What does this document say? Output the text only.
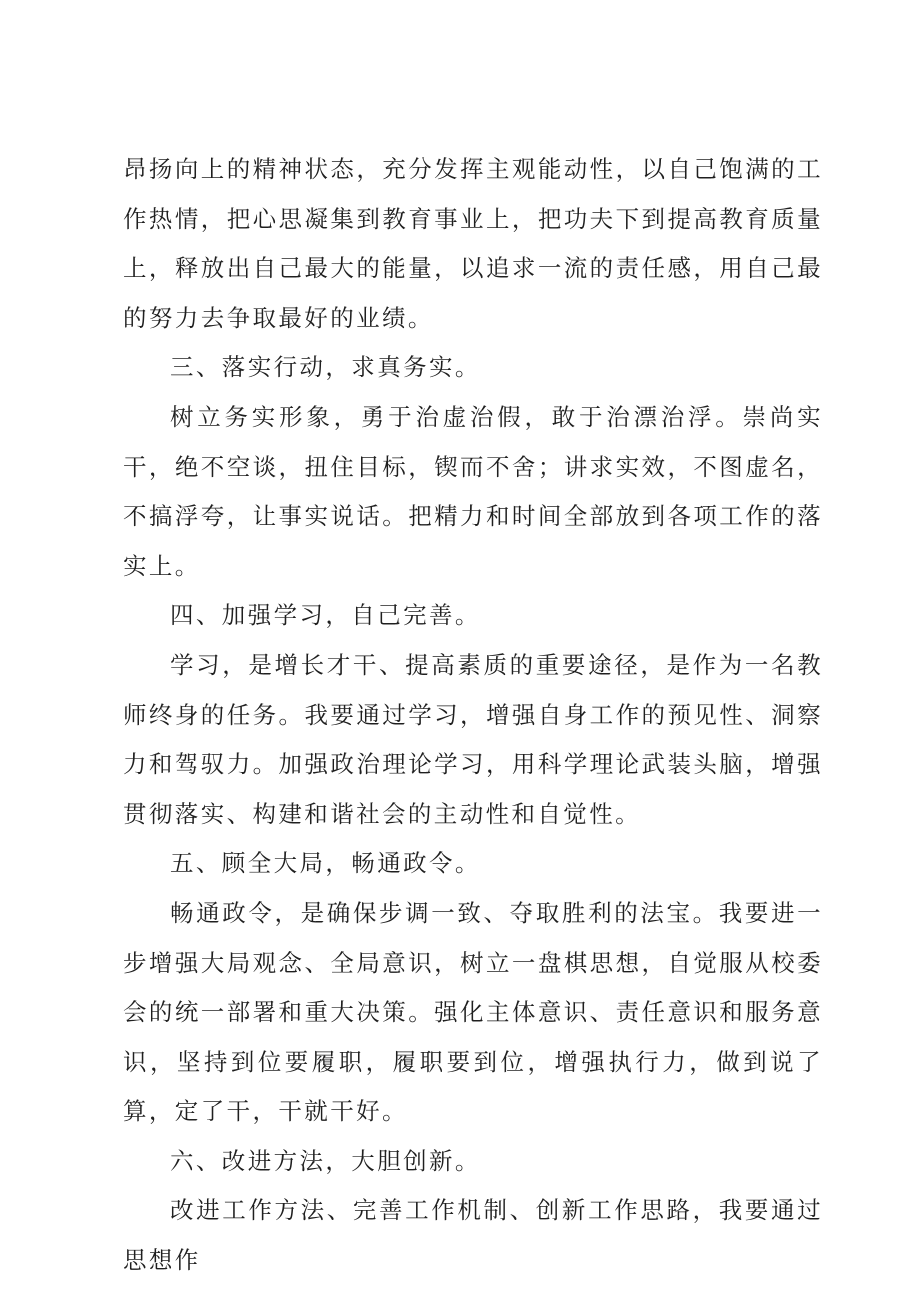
昂扬向上的精神状态，充分发挥主观能动性，以自己饱满的工作热情，把心思凝集到教育事业上，把功夫下到提高教育质量上，释放出自己最大的能量，以追求一流的责任感，用自己最的努力去争取最好的业绩。

三、落实行动，求真务实。

树立务实形象，勇于治虚治假，敢于治漂治浮。崇尚实干，绝不空谈，扭住目标，锲而不舍；讲求实效，不图虚名，不搞浮夸，让事实说话。把精力和时间全部放到各项工作的落实上。

四、加强学习，自己完善。

学习，是增长才干、提高素质的重要途径，是作为一名教师终身的任务。我要通过学习，增强自身工作的预见性、洞察力和驾驭力。加强政治理论学习，用科学理论武装头脑，增强贯彻落实、构建和谐社会的主动性和自觉性。

五、顾全大局，畅通政令。

畅通政令，是确保步调一致、夺取胜利的法宝。我要进一步增强大局观念、全局意识，树立一盘棋思想，自觉服从校委会的统一部署和重大决策。强化主体意识、责任意识和服务意识，坚持到位要履职，履职要到位，增强执行力，做到说了算，定了干，干就干好。

六、改进方法，大胆创新。

改进工作方法、完善工作机制、创新工作思路，我要通过思想作
